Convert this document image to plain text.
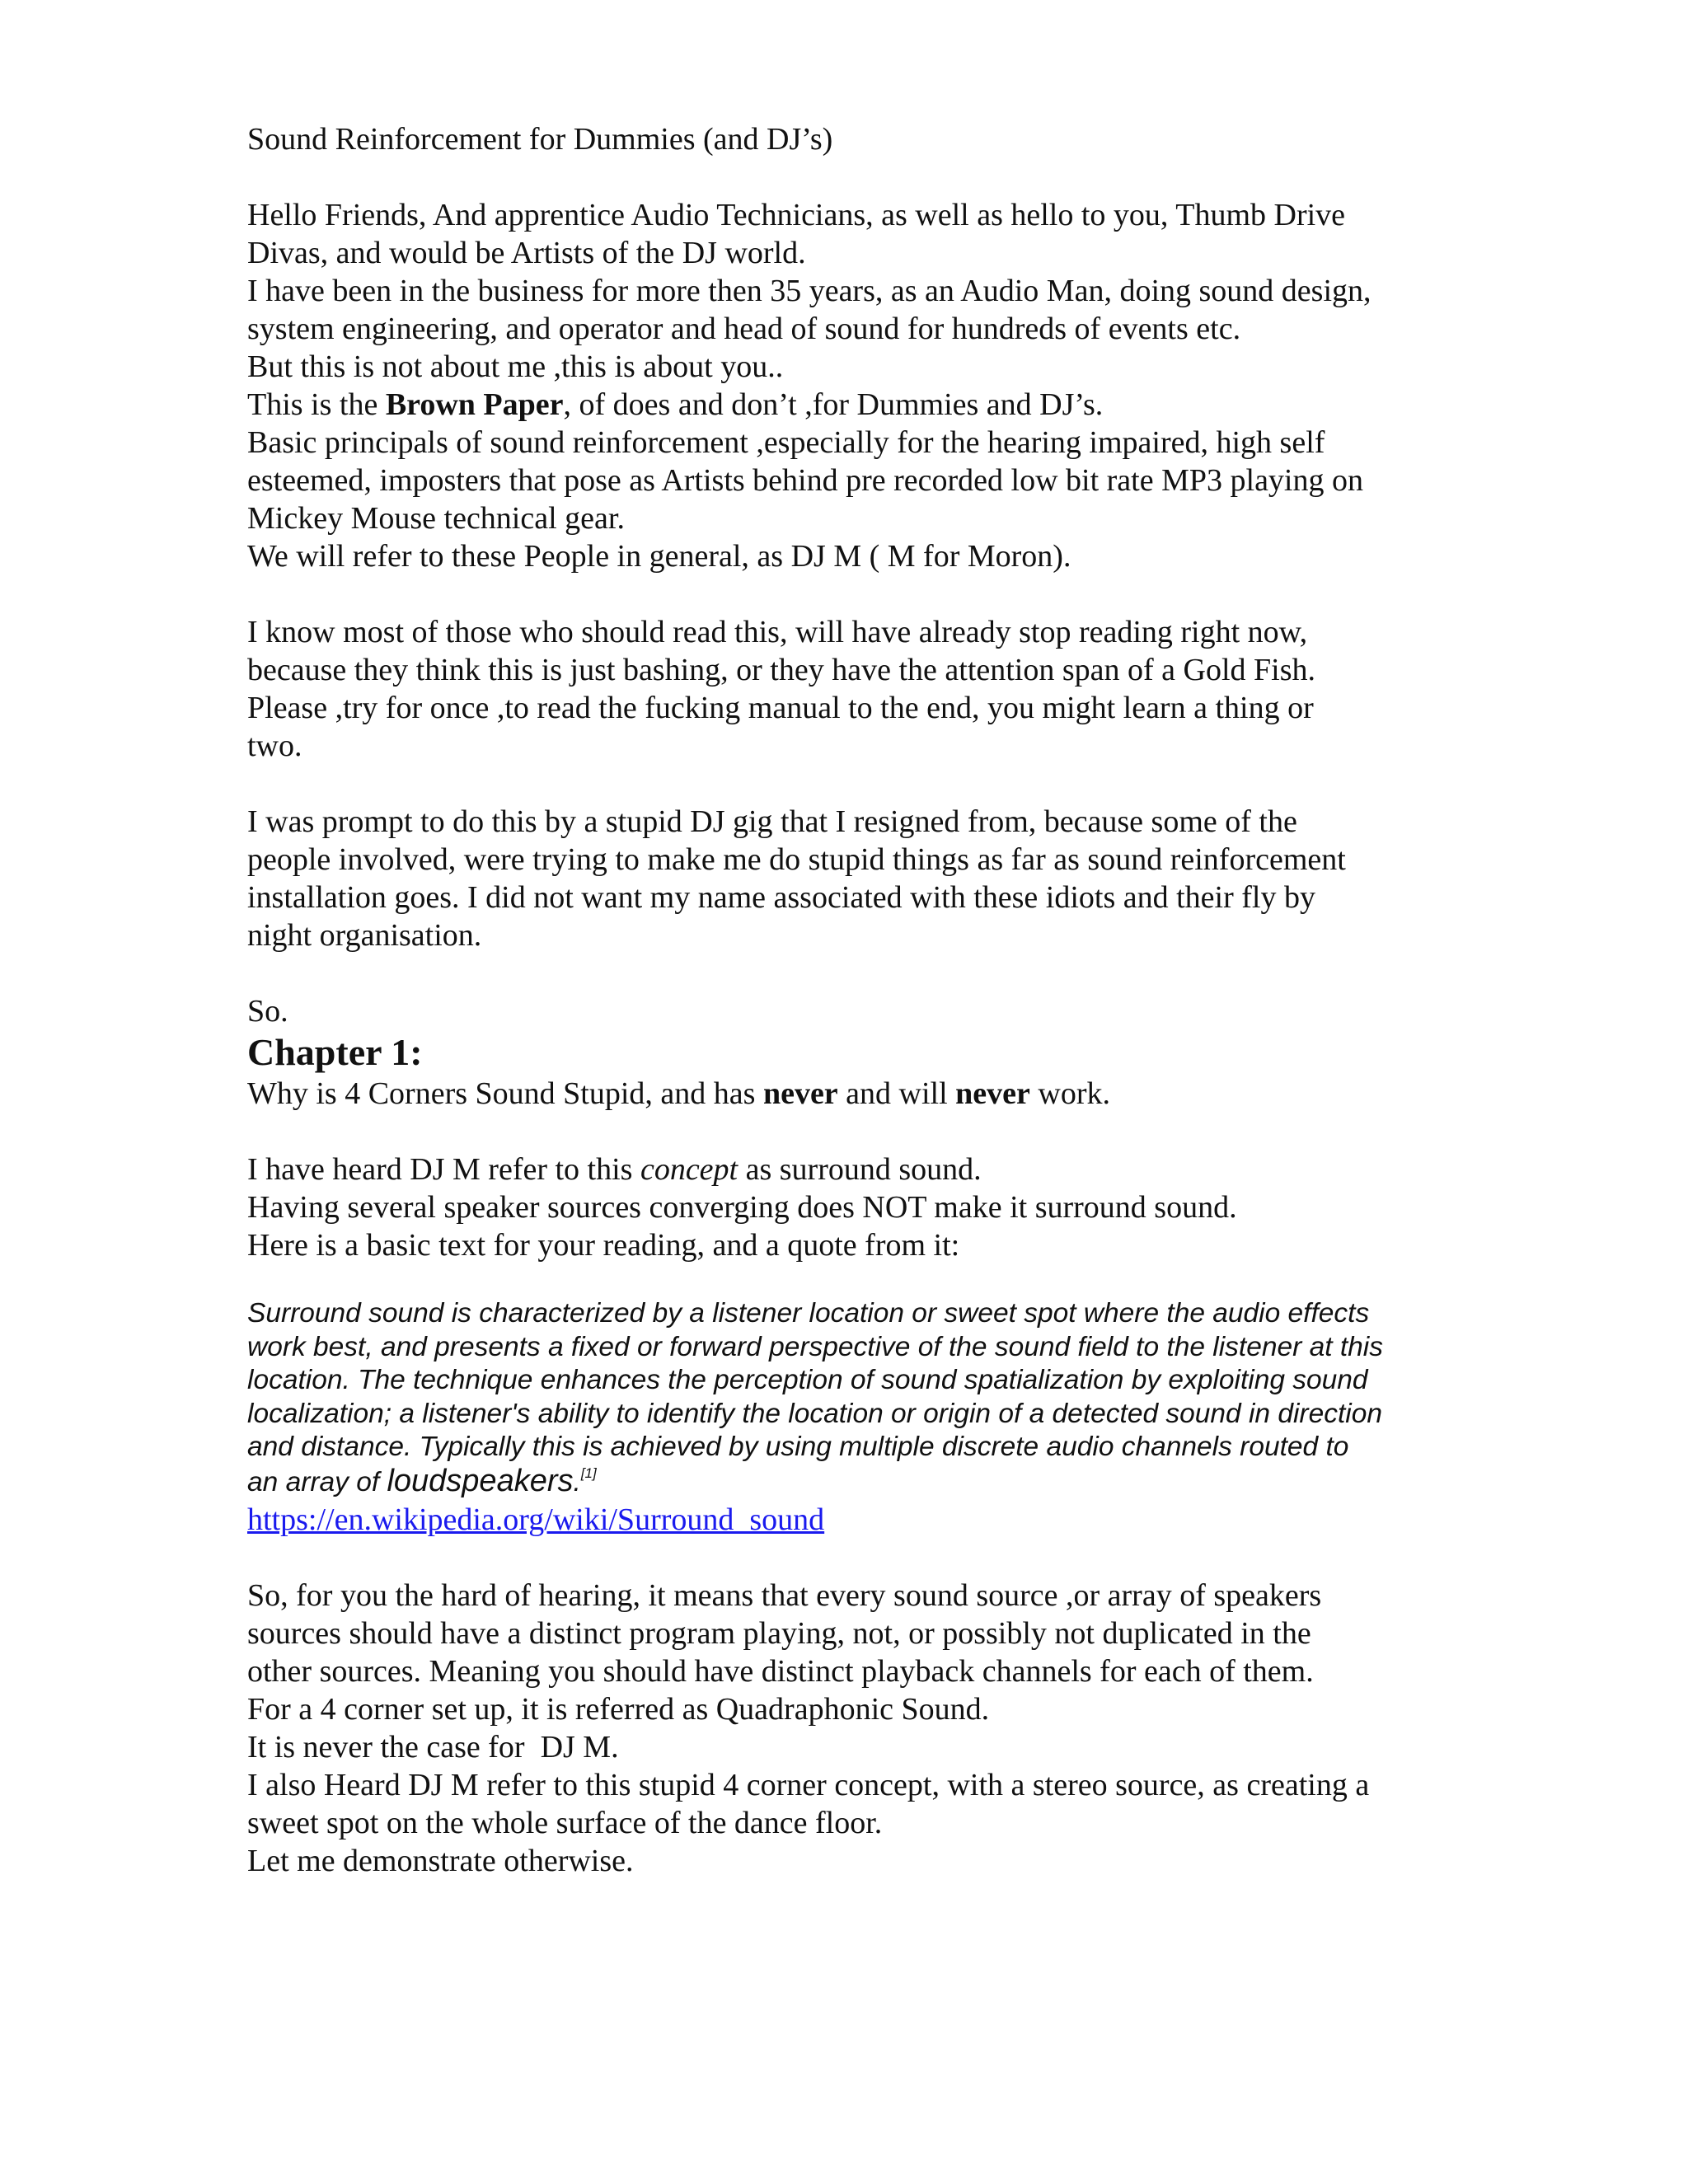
Sound Reinforcement for Dummies (and DJ’s)

Hello Friends, And apprentice Audio Technicians, as well as hello to you, Thumb Drive

Divas, and would be Artists of the DJ world.

I have been in the business for more then 35 years, as an Audio Man, doing sound design,

system engineering, and operator and head of sound for hundreds of events etc.

But this is not about me ,this is about you..

This is the Brown Paper, of does and don’t ,for Dummies and DJ’s.

Basic principals of sound reinforcement ,especially for the hearing impaired, high self

esteemed, imposters that pose as Artists behind pre recorded low bit rate MP3 playing on

Mickey Mouse technical gear.

We will refer to these People in general, as DJ M ( M for Moron).

I know most of those who should read this, will have already stop reading right now,

because they think this is just bashing, or they have the attention span of a Gold Fish.

Please ,try for once ,to read the fucking manual to the end, you might learn a thing or

two.

I was prompt to do this by a stupid DJ gig that I resigned from, because some of the

people involved, were trying to make me do stupid things as far as sound reinforcement

installation goes. I did not want my name associated with these idiots and their fly by

night organisation.

So.

Chapter 1:

Why is 4 Corners Sound Stupid, and has never and will never work.

I have heard DJ M refer to this concept as surround sound.

Having several speaker sources converging does NOT make it surround sound.

Here is a basic text for your reading, and a quote from it:

Surround sound is characterized by a listener location or sweet spot where the audio effects

work best, and presents a fixed or forward perspective of the sound field to the listener at this

location. The technique enhances the perception of sound spatialization by exploiting sound

localization; a listener's ability to identify the location or origin of a detected sound in direction

and distance. Typically this is achieved by using multiple discrete audio channels routed to

an array of loudspeakers.[1]

https://en.wikipedia.org/wiki/Surround_sound

So, for you the hard of hearing, it means that every sound source ,or array of speakers

sources should have a distinct program playing, not, or possibly not duplicated in the

other sources. Meaning you should have distinct playback channels for each of them.

For a 4 corner set up, it is referred as Quadraphonic Sound.

It is never the case for  DJ M.

I also Heard DJ M refer to this stupid 4 corner concept, with a stereo source, as creating a

sweet spot on the whole surface of the dance floor.

Let me demonstrate otherwise.
